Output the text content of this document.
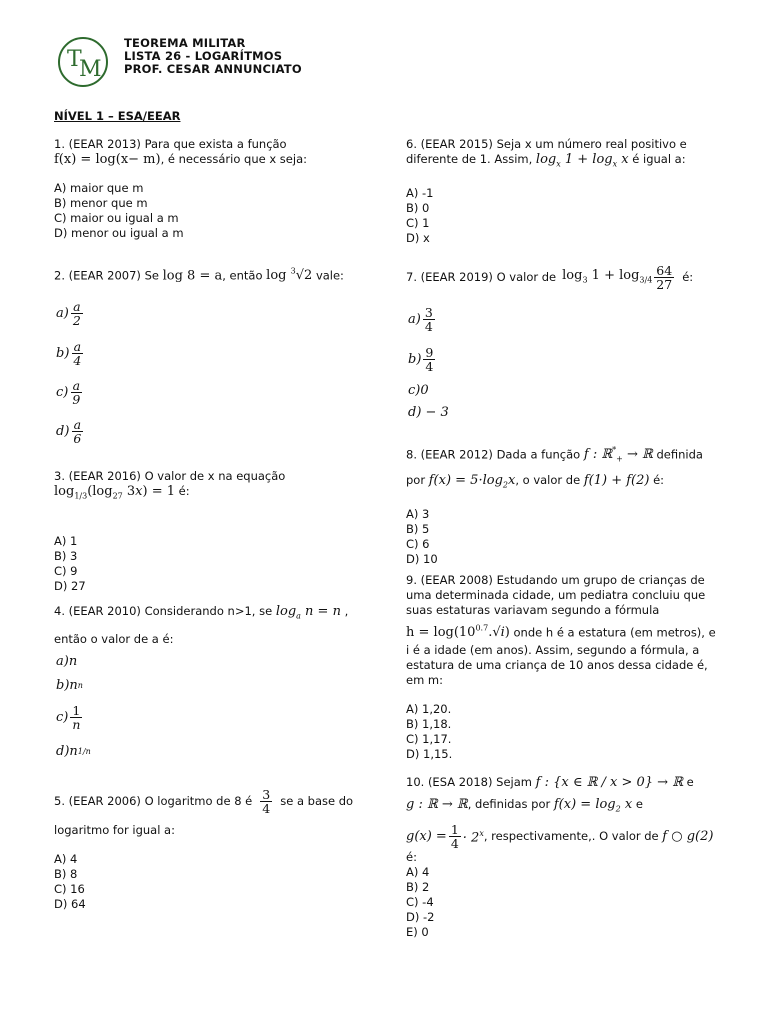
T
M
TEOREMA MILITAR
LISTA 26 - LOGARÍTMOS
PROF. CESAR ANNUNCIATO
NÍVEL 1 – ESA/EEAR
1. (EEAR 2013) Para que exista a função
f(x) = log(x− m), é necessário que x seja:
A) maior que m
B) menor que m
C) maior ou igual a m
D) menor ou igual a m
2. (EEAR 2007) Se log 8 = a, então log $^3$√2 vale:
$a) \frac{a}{2}$
$b) \frac{a}{4}$
$c) \frac{a}{9}$
$d) \frac{a}{6}$
3. (EEAR 2016) O valor de x na equação
$\log_{1/3}(\log_{27}$ 3x) = 1 é:
A) 1
B) 3
C) 9
D) 27
4. (EEAR 2010) Considerando n>1, se $\log_a n = n$ ,
então o valor de a é:
a)n
b)n n
$c) \frac{1}{n}$
d)n 1/n
5. (EEAR 2006) O logaritmo de 8 é $\frac{3}{4}$ se a base do
logaritmo for igual a:
A) 4
B) 8
C) 16
D) 64
6. (EEAR 2015) Seja x um número real positivo e
diferente de 1. Assim, $\log_x 1 + \log_x x$ é igual a:
A) -1
B) 0
C) 1
D) x
7. (EEAR 2019) O valor de $\log_3 1 + \log_{3/4} \frac{64}{27}$ é:
$a) \frac{3}{4}$
$b) \frac{9}{4}$
c)0
d) − 3
8. (EEAR 2012) Dada a função f : ℝ*$_+$ → ℝ definida
por $f(x) = 5\cdot\log_2x$, o valor de f(1) + f(2) é:
A) 3
B) 5
C) 6
D) 10
9. (EEAR 2008) Estudando um grupo de crianças de
uma determinada cidade, um pediatra concluiu que
suas estaturas variavam segundo a fórmula
$h = \log(10^{0.7}.√i)$ onde h é a estatura (em metros), e
i é a idade (em anos). Assim, segundo a fórmula, a
estatura de uma criança de 10 anos dessa cidade é,
em m:
A) 1,20.
B) 1,18.
C) 1,17.
D) 1,15.
10. (ESA 2018) Sejam f : {x ∈ ℝ / x > 0} → ℝ e
g : ℝ → ℝ, definidas por $f(x) = \log_2 x$ e
$g(x) = \frac{1}{4} \cdot 2^x$ , respectivamente,. O valor de
f ○ g(2)
é:
A) 4
B) 2
C) -4
D) -2
E) 0
